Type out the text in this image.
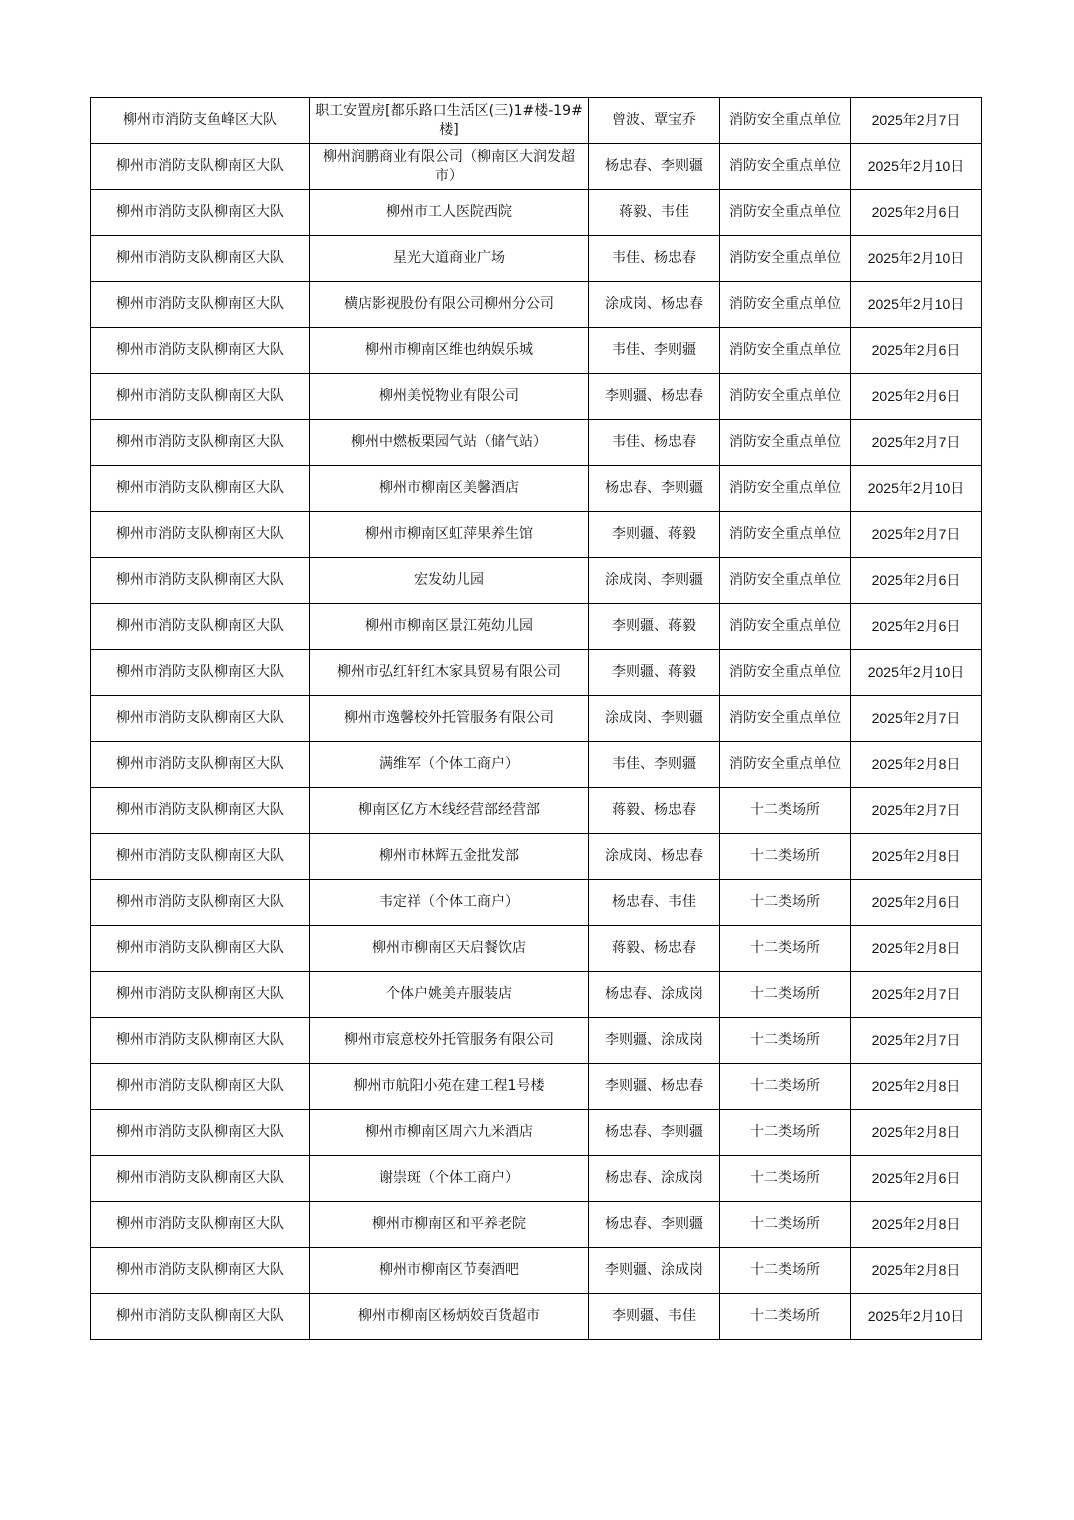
柳州市消防支鱼峰区大队	职工安置房[都乐路口生活区(三)1#楼-19#楼]	曾波、覃宝乔	消防安全重点单位	2025年2月7日
柳州市消防支队柳南区大队	柳州润鹏商业有限公司（柳南区大润发超市）	杨忠春、李则疆	消防安全重点单位	2025年2月10日
柳州市消防支队柳南区大队	柳州市工人医院西院	蒋毅、韦佳	消防安全重点单位	2025年2月6日
柳州市消防支队柳南区大队	星光大道商业广场	韦佳、杨忠春	消防安全重点单位	2025年2月10日
柳州市消防支队柳南区大队	横店影视股份有限公司柳州分公司	涂成岗、杨忠春	消防安全重点单位	2025年2月10日
柳州市消防支队柳南区大队	柳州市柳南区维也纳娱乐城	韦佳、李则疆	消防安全重点单位	2025年2月6日
柳州市消防支队柳南区大队	柳州美悦物业有限公司	李则疆、杨忠春	消防安全重点单位	2025年2月6日
柳州市消防支队柳南区大队	柳州中燃板栗园气站（储气站）	韦佳、杨忠春	消防安全重点单位	2025年2月7日
柳州市消防支队柳南区大队	柳州市柳南区美馨酒店	杨忠春、李则疆	消防安全重点单位	2025年2月10日
柳州市消防支队柳南区大队	柳州市柳南区虹萍果养生馆	李则疆、蒋毅	消防安全重点单位	2025年2月7日
柳州市消防支队柳南区大队	宏发幼儿园	涂成岗、李则疆	消防安全重点单位	2025年2月6日
柳州市消防支队柳南区大队	柳州市柳南区景江苑幼儿园	李则疆、蒋毅	消防安全重点单位	2025年2月6日
柳州市消防支队柳南区大队	柳州市弘红轩红木家具贸易有限公司	李则疆、蒋毅	消防安全重点单位	2025年2月10日
柳州市消防支队柳南区大队	柳州市逸馨校外托管服务有限公司	涂成岗、李则疆	消防安全重点单位	2025年2月7日
柳州市消防支队柳南区大队	满维军（个体工商户）	韦佳、李则疆	消防安全重点单位	2025年2月8日
柳州市消防支队柳南区大队	柳南区亿方木线经营部经营部	蒋毅、杨忠春	十二类场所	2025年2月7日
柳州市消防支队柳南区大队	柳州市林辉五金批发部	涂成岗、杨忠春	十二类场所	2025年2月8日
柳州市消防支队柳南区大队	韦定祥（个体工商户）	杨忠春、韦佳	十二类场所	2025年2月6日
柳州市消防支队柳南区大队	柳州市柳南区天启餐饮店	蒋毅、杨忠春	十二类场所	2025年2月8日
柳州市消防支队柳南区大队	个体户姚美卉服装店	杨忠春、涂成岗	十二类场所	2025年2月7日
柳州市消防支队柳南区大队	柳州市宸意校外托管服务有限公司	李则疆、涂成岗	十二类场所	2025年2月7日
柳州市消防支队柳南区大队	柳州市航阳小苑在建工程1号楼	李则疆、杨忠春	十二类场所	2025年2月8日
柳州市消防支队柳南区大队	柳州市柳南区周六九米酒店	杨忠春、李则疆	十二类场所	2025年2月8日
柳州市消防支队柳南区大队	谢崇斑（个体工商户）	杨忠春、涂成岗	十二类场所	2025年2月6日
柳州市消防支队柳南区大队	柳州市柳南区和平养老院	杨忠春、李则疆	十二类场所	2025年2月8日
柳州市消防支队柳南区大队	柳州市柳南区节奏酒吧	李则疆、涂成岗	十二类场所	2025年2月8日
柳州市消防支队柳南区大队	柳州市柳南区杨炳姣百货超市	李则疆、韦佳	十二类场所	2025年2月10日
